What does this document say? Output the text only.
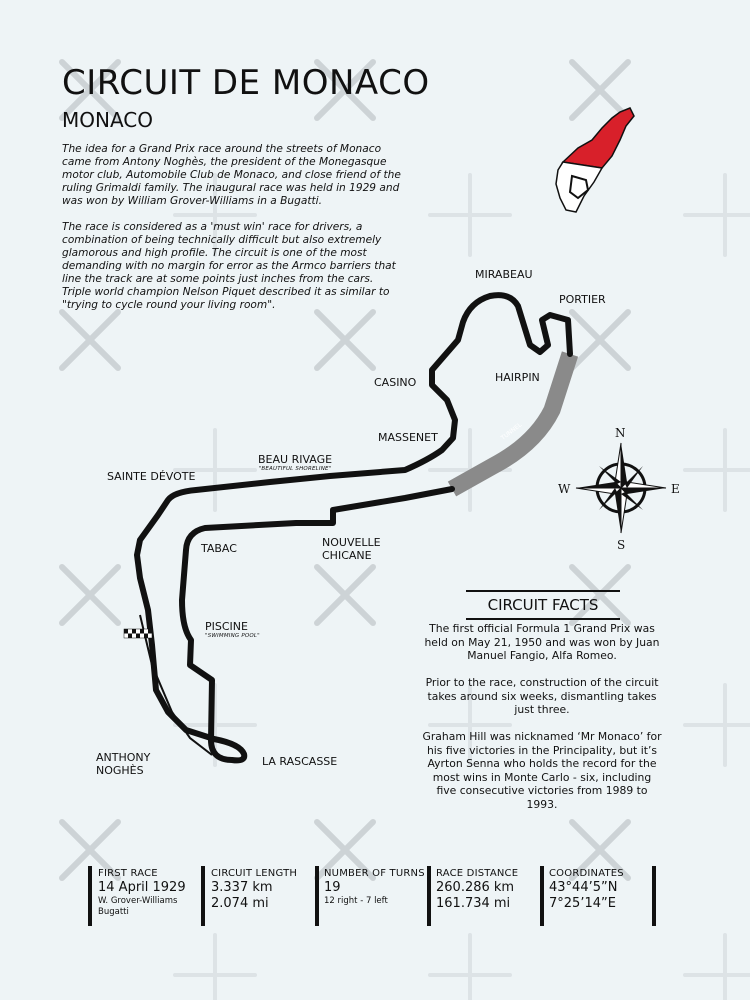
CIRCUIT DE MONACO
MONACO

The idea for a Grand Prix race around the streets of Monaco came from Antony Noghès, the president of the Monegasque motor club, Automobile Club de Monaco, and close friend of the ruling Grimaldi family. The inaugural race was held in 1929 and was won by William Grover-Williams in a Bugatti.

The race is considered as a 'must win' race for drivers, a combination of being technically difficult but also extremely glamorous and high profile. The circuit is one of the most demanding with no margin for error as the Armco barriers that line the track are at some points just inches from the cars. Triple world champion Nelson Piquet described it as similar to "trying to cycle round your living room".

MIRABEAU
PORTIER
HAIRPIN
CASINO
MASSENET	TUNNEL
BEAU RIVAGE
"BEAUTIFUL SHORELINE"
SAINTE DÉVOTE
TABAC	NOUVELLE CHICANE
PISCINE
"SWIMMING POOL"
ANTHONY NOGHÈS
LA RASCASSE
N
E
S
W
CIRCUIT FACTS

The first official Formula 1 Grand Prix was held on May 21, 1950 and was won by Juan Manuel Fangio, Alfa Romeo.

Prior to the race, construction of the circuit takes around six weeks, dismantling takes just three.

Graham Hill was nicknamed ‘Mr Monaco’ for his five victories in the Principality, but it’s Ayrton Senna who holds the record for the most wins in Monte Carlo - six, including five consecutive victories from 1989 to 1993.

FIRST RACE
14 April 1929
W. Grover-Williams
Bugatti
CIRCUIT LENGTH
3.337 km
2.074 mi
NUMBER OF TURNS
19
12 right - 7 left
RACE DISTANCE
260.286 km
161.734 mi
COORDINATES
43°44’5”N
7°25’14”E
